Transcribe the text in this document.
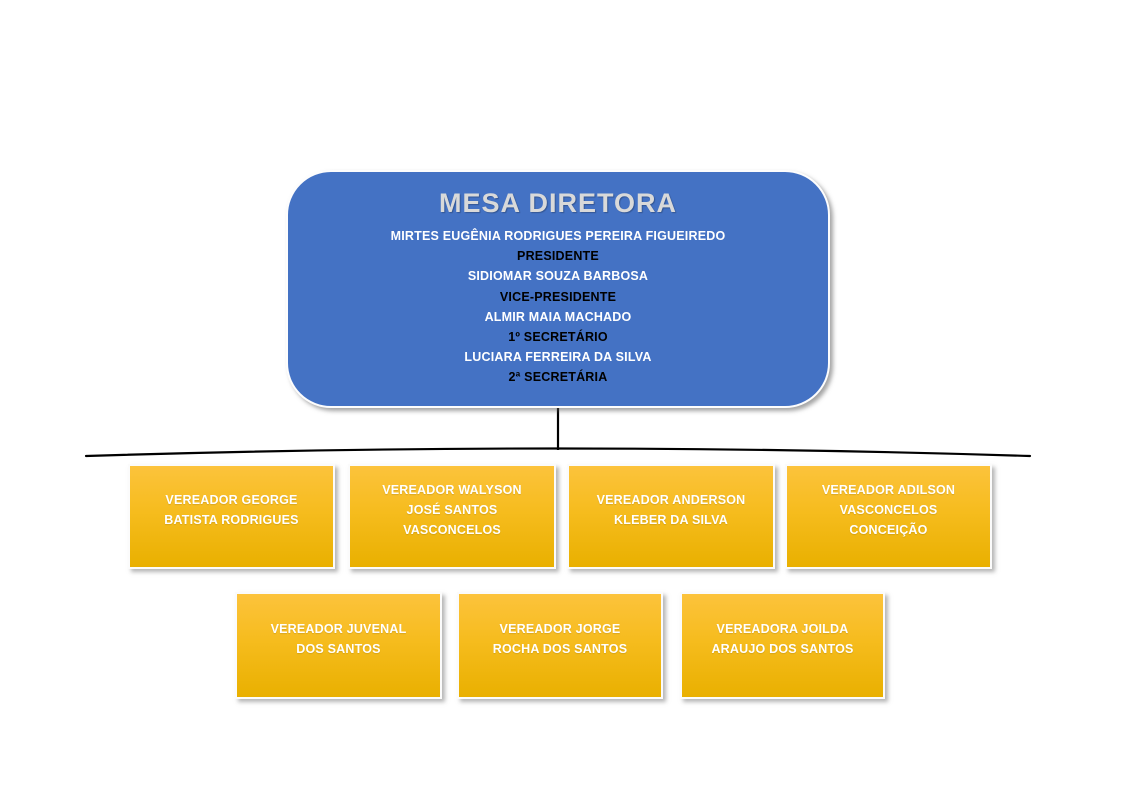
MESA DIRETORA
MIRTES EUGÊNIA RODRIGUES PEREIRA FIGUEIREDO
PRESIDENTE
SIDIOMAR SOUZA BARBOSA
VICE-PRESIDENTE
ALMIR MAIA MACHADO
1º SECRETÁRIO
LUCIARA FERREIRA DA SILVA
2ª SECRETÁRIA
VEREADOR GEORGE BATISTA RODRIGUES
VEREADOR WALYSON JOSÉ SANTOS VASCONCELOS
VEREADOR ANDERSON KLEBER DA SILVA
VEREADOR ADILSON VASCONCELOS CONCEIÇÃO
VEREADOR JUVENAL DOS SANTOS
VEREADOR JORGE ROCHA DOS SANTOS
VEREADORA JOILDA ARAUJO DOS SANTOS
